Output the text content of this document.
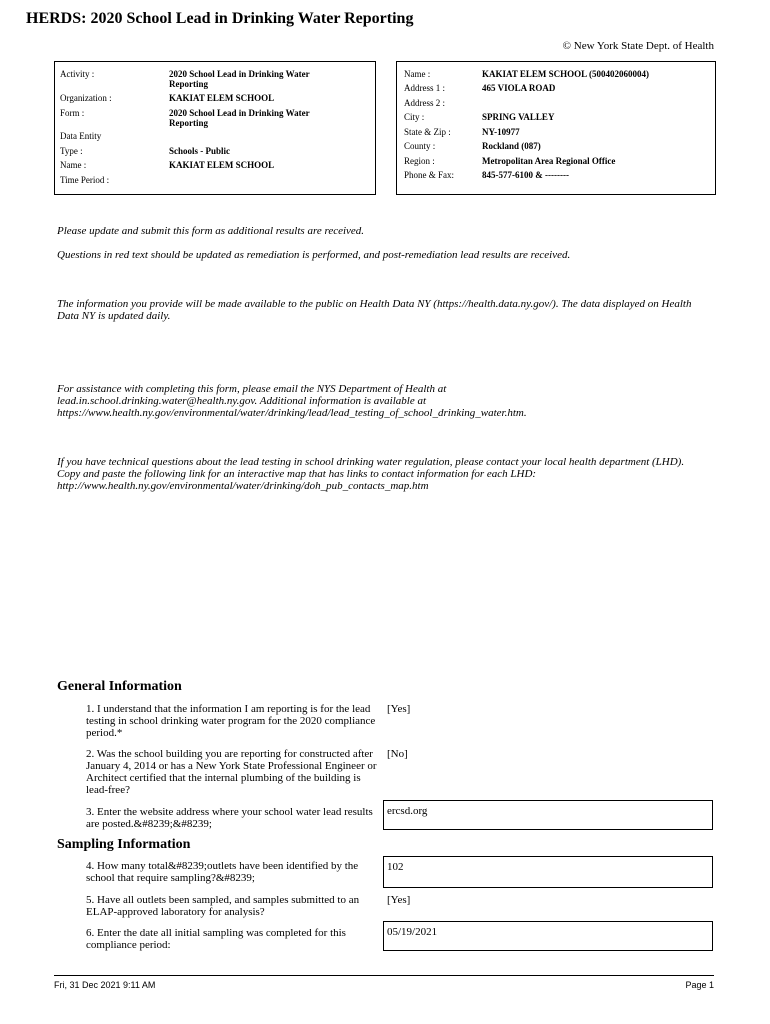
HERDS: 2020 School Lead in Drinking Water Reporting
© New York State Dept. of Health
Activity :	2020 School Lead in Drinking Water Reporting
Organization :	KAKIAT ELEM SCHOOL
Form :	2020 School Lead in Drinking Water Reporting
Data Entity
Type :	Schools - Public
Name :	KAKIAT ELEM SCHOOL
Time Period :
Name :	KAKIAT ELEM SCHOOL (500402060004)
Address 1 :	465 VIOLA ROAD
Address 2 :
City :	SPRING VALLEY
State & Zip :	NY-10977
County :	Rockland (087)
Region :	Metropolitan Area Regional Office
Phone & Fax:	845-577-6100 & --------
Please update and submit this form as additional results are received.
Questions in red text should be updated as remediation is performed, and post-remediation lead results are received.
The information you provide will be made available to the public on Health Data NY (https://health.data.ny.gov/). The data displayed on Health Data NY is updated daily.
For assistance with completing this form, please email the NYS Department of Health at lead.in.school.drinking.water@health.ny.gov. Additional information is available at https://www.health.ny.gov/environmental/water/drinking/lead/lead_testing_of_school_drinking_water.htm.
If you have technical questions about the lead testing in school drinking water regulation, please contact your local health department (LHD). Copy and paste the following link for an interactive map that has links to contact information for each LHD: http://www.health.ny.gov/environmental/water/drinking/doh_pub_contacts_map.htm
General Information
1. I understand that the information I am reporting is for the lead testing in school drinking water program for the 2020 compliance period.*
[Yes]
2. Was the school building you are reporting for constructed after January 4, 2014 or has a New York State Professional Engineer or Architect certified that the internal plumbing of the building is lead-free?
[No]
3. Enter the website address where your school water lead results are posted.&#8239;&#8239;
ercsd.org
Sampling Information
4. How many total&#8239;outlets have been identified by the school that require sampling?&#8239;
102
5. Have all outlets been sampled, and samples submitted to an ELAP-approved laboratory for analysis?
[Yes]
6. Enter the date all initial sampling was completed for this compliance period:
05/19/2021
Fri, 31 Dec 2021 9:11 AM	Page 1
